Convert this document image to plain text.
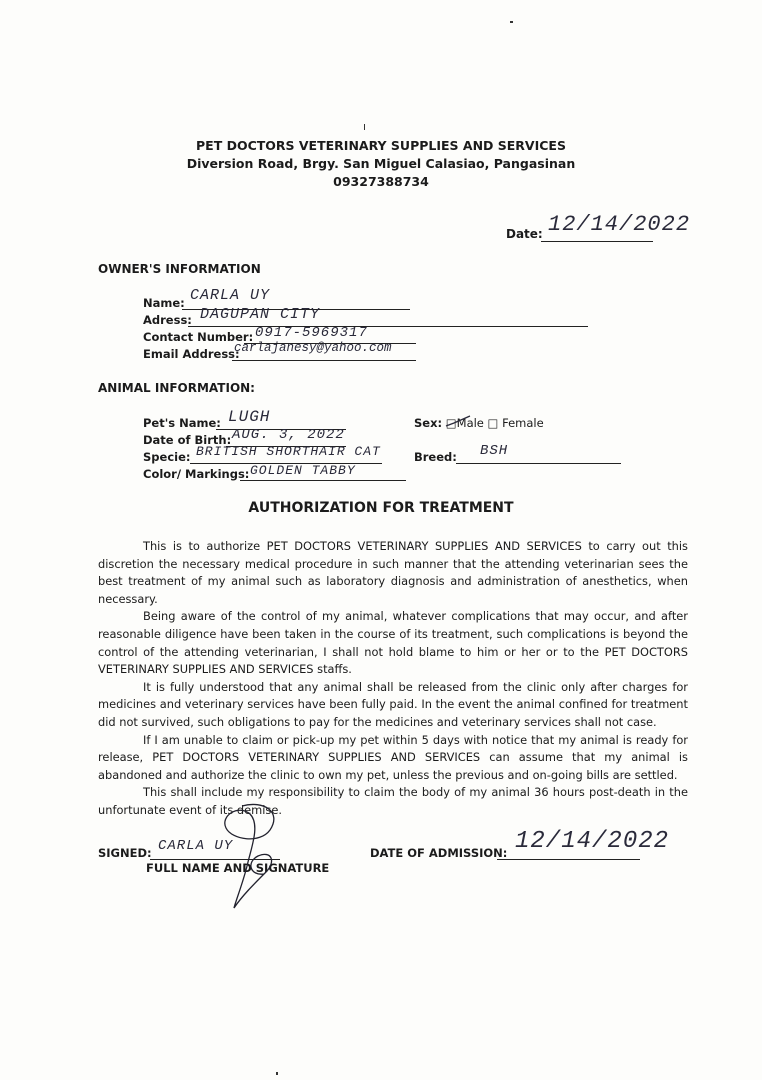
PET DOCTORS VETERINARY SUPPLIES AND SERVICES
Diversion Road, Brgy. San Miguel Calasiao, Pangasinan
09327388734
Date: 12/14/2022
OWNER'S INFORMATION
Name: CARLA UY
Adress: DAGUPAN CITY
Contact Number: 0917-5969317
Email Address:
carlajanesy@yahoo.com
ANIMAL INFORMATION:
Pet's Name: LUGH
Date of Birth: AUG. 3, 2022
Specie: BRITISH SHORTHAIR CAT
Color/ Markings: GOLDEN TABBY
Sex: □Male □ Female
Breed: BSH
AUTHORIZATION FOR TREATMENT

This is to authorize PET DOCTORS VETERINARY SUPPLIES AND SERVICES to carry out this discretion the necessary medical procedure in such manner that the attending veterinarian sees the best treatment of my animal such as laboratory diagnosis and administration of anesthetics, when necessary.

Being aware of the control of my animal, whatever complications that may occur, and after reasonable diligence have been taken in the course of its treatment, such complications is beyond the control of the attending veterinarian, I shall not hold blame to him or her or to the PET DOCTORS VETERINARY SUPPLIES AND SERVICES staffs.

It is fully understood that any animal shall be released from the clinic only after charges for medicines and veterinary services have been fully paid. In the event the animal confined for treatment did not survived, such obligations to pay for the medicines and veterinary services shall not case.

If I am unable to claim or pick-up my pet within 5 days with notice that my animal is ready for release, PET DOCTORS VETERINARY SUPPLIES AND SERVICES can assume that my animal is abandoned and authorize the clinic to own my pet, unless the previous and on-going bills are settled.

This shall include my responsibility to claim the body of my animal 36 hours post-death in the unfortunate event of its demise.

SIGNED: CARLA UY
FULL NAME AND SIGNATURE
DATE OF ADMISSION: 12/14/2022
